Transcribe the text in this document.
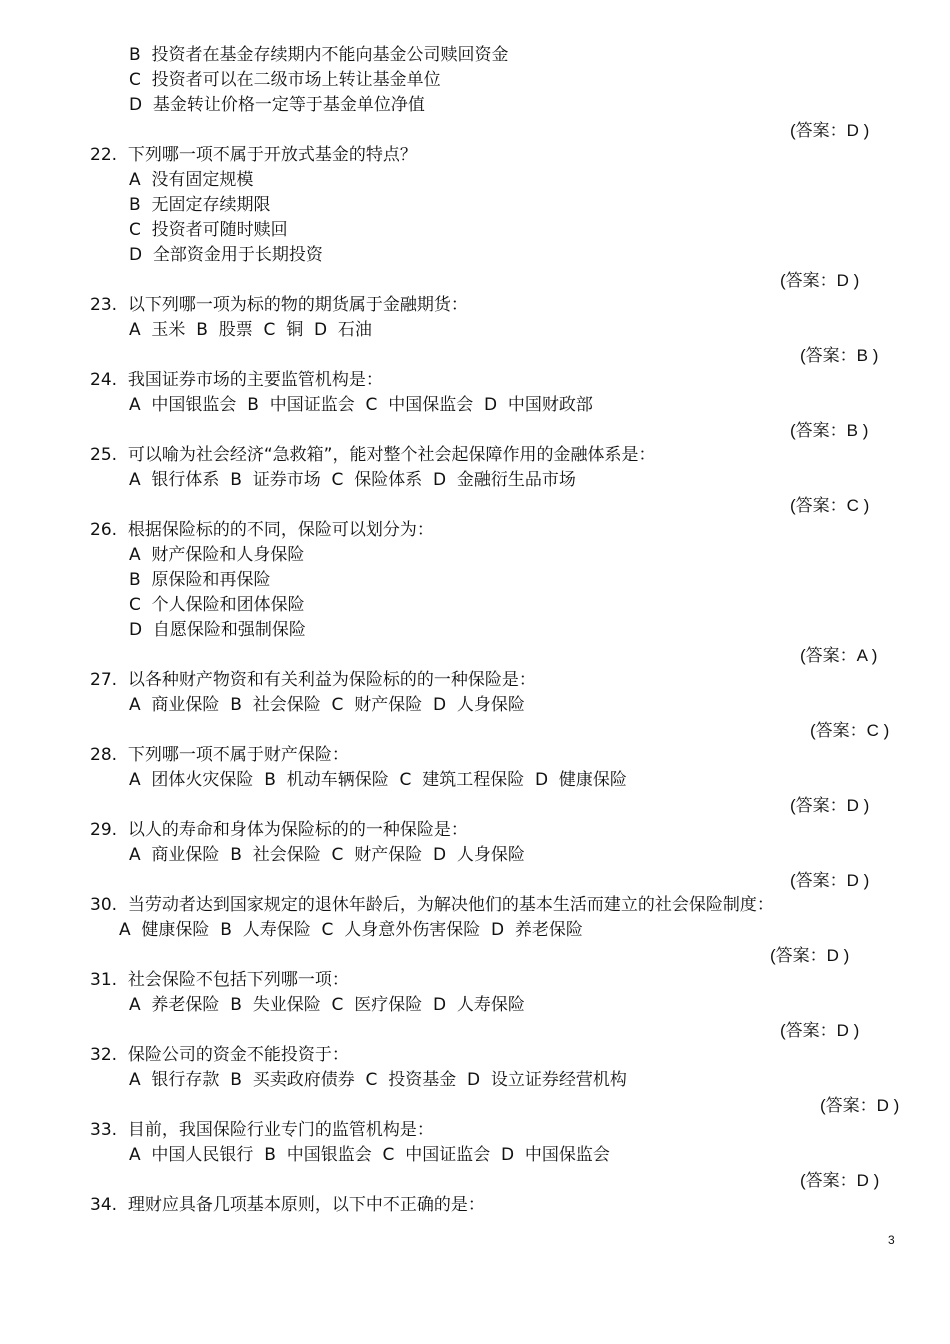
B  投资者在基金存续期内不能向基金公司赎回资金
C  投资者可以在二级市场上转让基金单位
D  基金转让价格一定等于基金单位净值
(答案：D )
22.  下列哪一项不属于开放式基金的特点？
A  没有固定规模
B  无固定存续期限
C  投资者可随时赎回
D  全部资金用于长期投资
(答案：D )
23.  以下列哪一项为标的物的期货属于金融期货：
A  玉米  B  股票  C  铜  D  石油
(答案：B )
24.  我国证券市场的主要监管机构是：
A  中国银监会  B  中国证监会  C  中国保监会  D  中国财政部
(答案：B )
25.  可以喻为社会经济“急救箱”，能对整个社会起保障作用的金融体系是：
A  银行体系  B  证券市场  C  保险体系  D  金融衍生品市场
(答案：C )
26.  根据保险标的的不同，保险可以划分为：
A  财产保险和人身保险
B  原保险和再保险
C  个人保险和团体保险
D  自愿保险和强制保险
(答案：A )
27.  以各种财产物资和有关利益为保险标的的一种保险是：
A  商业保险  B  社会保险  C  财产保险  D  人身保险
(答案：C )
28.  下列哪一项不属于财产保险：
A  团体火灾保险  B  机动车辆保险  C  建筑工程保险  D  健康保险
(答案：D )
29.  以人的寿命和身体为保险标的的一种保险是：
A  商业保险  B  社会保险  C  财产保险  D  人身保险
(答案：D )
30.  当劳动者达到国家规定的退休年龄后，为解决他们的基本生活而建立的社会保险制度：
A  健康保险  B  人寿保险  C  人身意外伤害保险  D  养老保险
(答案：D )
31.  社会保险不包括下列哪一项：
A  养老保险  B  失业保险  C  医疗保险  D  人寿保险
(答案：D )
32.  保险公司的资金不能投资于：
A  银行存款  B  买卖政府债券  C  投资基金  D  设立证券经营机构
(答案：D )
33.  目前，我国保险行业专门的监管机构是：
A  中国人民银行  B  中国银监会  C  中国证监会  D  中国保监会
(答案：D )
34.  理财应具备几项基本原则，以下中不正确的是：
3
